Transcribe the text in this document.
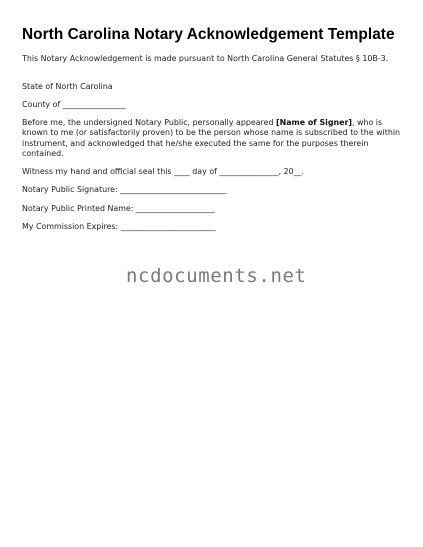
North Carolina Notary Acknowledgement Template
This Notary Acknowledgement is made pursuant to North Carolina General Statutes § 10B-3.
State of North Carolina
County of ________________
Before me, the undersigned Notary Public, personally appeared [Name of Signer], who is known to me (or satisfactorily proven) to be the person whose name is subscribed to the within instrument, and acknowledged that he/she executed the same for the purposes therein contained.
Witness my hand and official seal this ____ day of _______________, 20__.
Notary Public Signature: ___________________________
Notary Public Printed Name: ____________________
My Commission Expires: ________________________
ncdocuments.net
